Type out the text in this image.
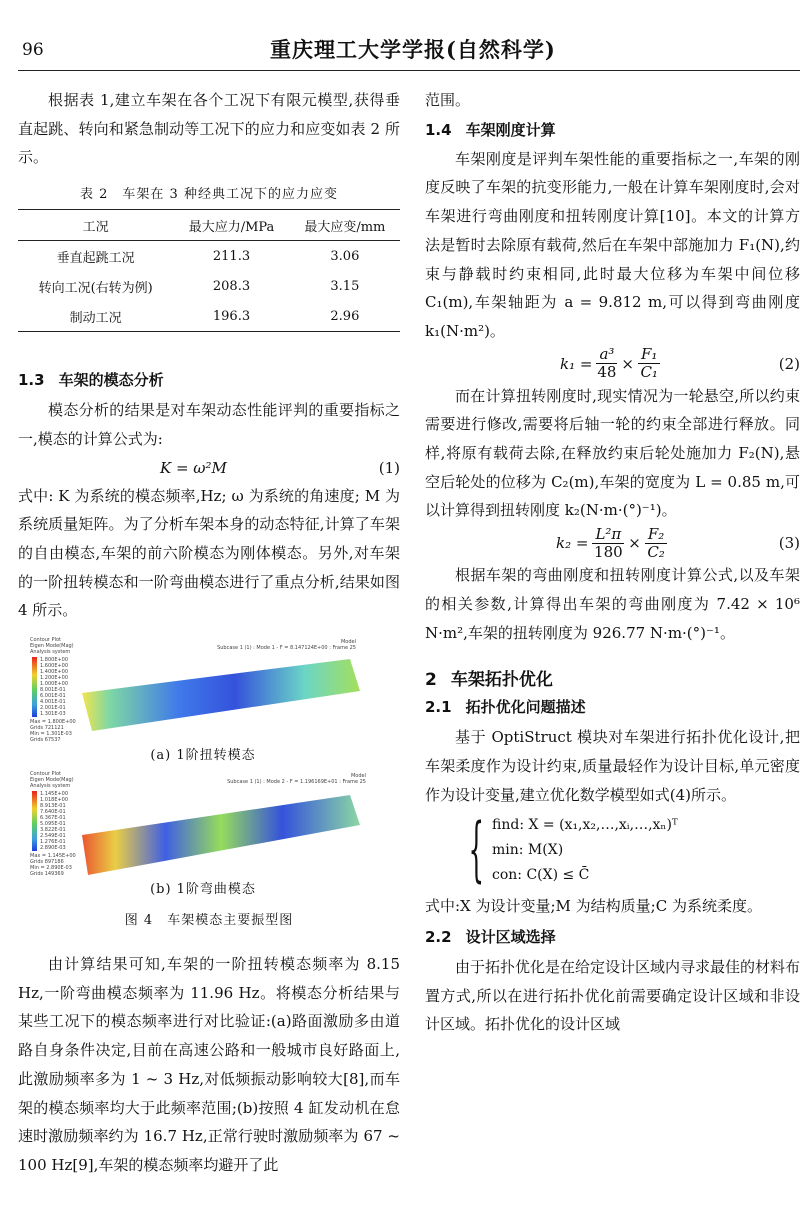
96	重庆理工大学学报(自然科学)
根据表 1,建立车架在各个工况下有限元模型,获得垂直起跳、转向和紧急制动等工况下的应力和应变如表 2 所示。
表 2　车架在 3 种经典工况下的应力应变
工况	最大应力/MPa	最大应变/mm
垂直起跳工况	211.3	3.06
转向工况(右转为例)	208.3	3.15
制动工况	196.3	2.96
1.3 车架的模态分析
模态分析的结果是对车架动态性能评判的重要指标之一,模态的计算公式为:
K = ω²M	(1)
式中: K 为系统的模态频率,Hz; ω 为系统的角速度; M 为系统质量矩阵。为了分析车架本身的动态特征,计算了车架的自由模态,车架的前六阶模态为刚体模态。另外,对车架的一阶扭转模态和一阶弯曲模态进行了重点分析,结果如图 4 所示。
Contour Plot
Eigen Mode(Mag)
Analysis system
1.800E+00
1.600E+00
1.400E+00
1.200E+00
1.000E+00
8.001E-01
6.001E-01
4.001E-01
2.001E-01
1.301E-03
Max = 1.800E+00
Grids 721121
Min = 1.301E-03
Grids 67537
Model
Subcase 1 (1) : Mode 1 - F = 8.147124E+00 : Frame 25
(a) 1阶扭转模态
Contour Plot
Eigen Mode(Mag)
Analysis system
1.145E+00
1.018E+00
8.913E-01
7.640E-01
6.367E-01
5.095E-01
3.822E-01
2.549E-01
1.276E-01
2.890E-03
Max = 1.145E+00
Grids 897186
Min = 2.890E-03
Grids 149369
Model
Subcase 1 (1) : Mode 2 - F = 1.196169E+01 : Frame 25
(b) 1阶弯曲模态
图 4　车架模态主要振型图
由计算结果可知,车架的一阶扭转模态频率为 8.15 Hz,一阶弯曲模态频率为 11.96 Hz。将模态分析结果与某些工况下的模态频率进行对比验证:(a)路面激励多由道路自身条件决定,目前在高速公路和一般城市良好路面上,此激励频率多为 1 ~ 3 Hz,对低频振动影响较大[8],而车架的模态频率均大于此频率范围;(b)按照 4 缸发动机在怠速时激励频率约为 16.7 Hz,正常行驶时激励频率为 67 ~ 100 Hz[9],车架的模态频率均避开了此
范围。
1.4 车架刚度计算
车架刚度是评判车架性能的重要指标之一,车架的刚度反映了车架的抗变形能力,一般在计算车架刚度时,会对车架进行弯曲刚度和扭转刚度计算[10]。本文的计算方法是暂时去除原有载荷,然后在车架中部施加力 F₁(N),约束与静载时约束相同,此时最大位移为车架中间位移 C₁(m),车架轴距为 a = 9.812 m,可以得到弯曲刚度 k₁(N·m²)。
$k_1 = \frac{\text{a³}}{48} \times \frac{\text{F₁}}{\text{C₁}}$	(2)
而在计算扭转刚度时,现实情况为一轮悬空,所以约束需要进行修改,需要将后轴一轮的约束全部进行释放。同样,将原有载荷去除,在释放约束后轮处施加力 F₂(N),悬空后轮处的位移为 C₂(m),车架的宽度为 L = 0.85 m,可以计算得到扭转刚度 k₂(N·m·(°)⁻¹)。
$k_2 = \frac{\text{L²π}}{180} \times \frac{\text{F₂}}{\text{C₂}}$	(3)
根据车架的弯曲刚度和扭转刚度计算公式,以及车架的相关参数,计算得出车架的弯曲刚度为 7.42 × 10⁶ N·m²,车架的扭转刚度为 926.77 N·m·(°)⁻¹。
2 车架拓扑优化
2.1 拓扑优化问题描述
基于 OptiStruct 模块对车架进行拓扑优化设计,把车架柔度作为设计约束,质量最轻作为设计目标,单元密度作为设计变量,建立优化数学模型如式(4)所示。
{ find: X = (x₁,x₂,…,xᵢ,…,xₙ)ᵀ
min: M(X)
con: C(X) ≤ C̄
式中:X 为设计变量;M 为结构质量;C 为系统柔度。
2.2 设计区域选择
由于拓扑优化是在给定设计区域内寻求最佳的材料布置方式,所以在进行拓扑优化前需要确定设计区域和非设计区域。拓扑优化的设计区域
